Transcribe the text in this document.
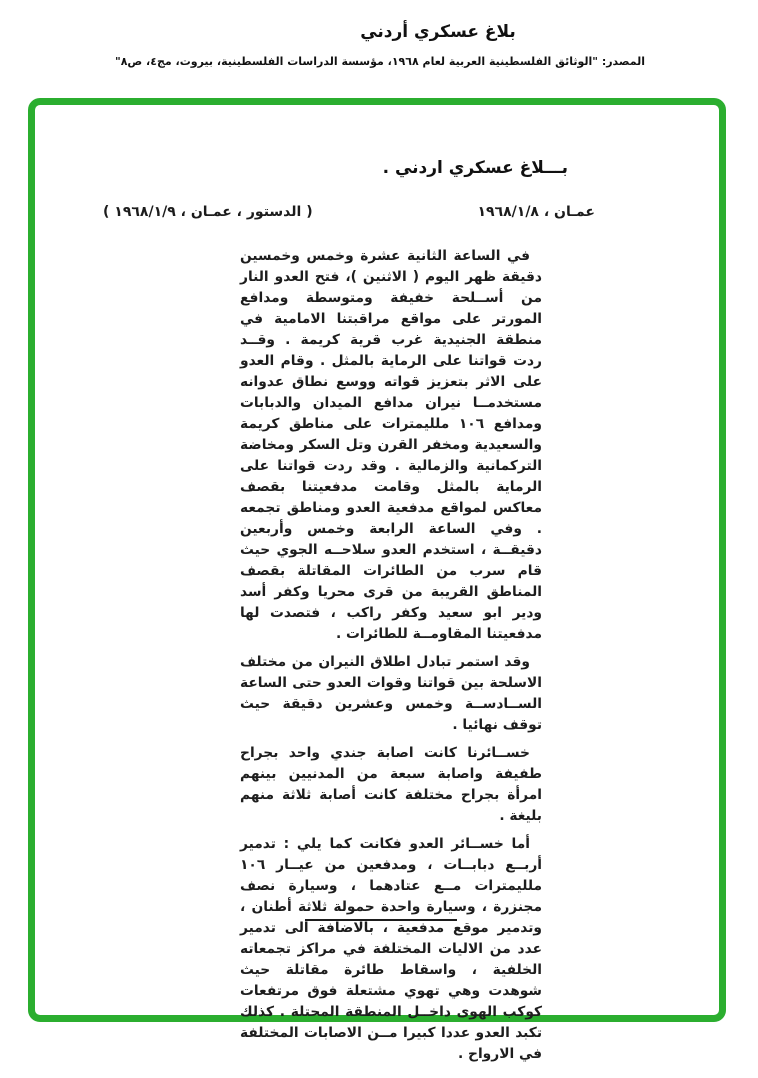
بلاغ عسكري أردني
المصدر: "الوثائق الفلسطينية العربية لعام ١٩٦٨، مؤسسة الدراسات الفلسطينية، بيروت، مج٤، ص٨"
بـــلاغ عسكري اردني .
عمـان ، ١٩٦٨/١/٨
( الدستور ، عمـان ، ١٩٦٨/١/٩ )

في الساعة الثانية عشرة وخمس وخمسين دقيقة ظهر اليوم ( الاثنين )، فتح العدو النار من أســلحة خفيفة ومتوسطة ومدافع المورتر على مواقع مراقبتنا الامامية في منطقة الجنيدية غرب قرية كريمة . وقــد ردت قواتنا على الرماية بالمثل . وقام العدو على الاثر بتعزيز قواته ووسع نطاق عدوانه مستخدمــا نيران مدافع الميدان والدبابات ومدافع ١٠٦ ملليمترات على مناطق كريمة والسعيدية ومخفر القرن وتل السكر ومخاضة التركمانية والزمالية . وقد ردت قواتنا على الرماية بالمثل وقامت مدفعيتنا بقصف معاكس لمواقع مدفعية العدو ومناطق تجمعه . وفي الساعة الرابعة وخمس وأربعين دقيقــة ، استخدم العدو سلاحــه الجوي حيث قام سرب من الطائرات المقاتلة بقصف المناطق القريبة من قرى محريا وكفر أسد ودير ابو سعيد وكفر راكب ، فتصدت لها مدفعيتنا المقاومــة للطائرات .

وقد استمر تبادل اطلاق النيران من مختلف الاسلحة بين قواتنا وقوات العدو حتى الساعة الســادســة وخمس وعشرين دقيقة حيث توقف نهائيا .

خســائرنا كانت اصابة جندي واحد بجراح طفيفة واصابة سبعة من المدنيين بينهم امرأة بجراح مختلفة كانت أصابة ثلاثة منهم بليغة .

أما خســائر العدو فكانت كما يلي : تدمير أربــع دبابــات ، ومدفعين من عيــار ١٠٦ ملليمترات مــع عتادهما ، وسيارة نصف مجنزرة ، وسيارة واحدة حمولة ثلاثة أطنان ، وتدمير موقع مدفعية ، بالاضافة الى تدمير عدد من الاليات المختلفة في مراكز تجمعاته الخلفية ، واسقاط طائرة مقاتلة حيث شوهدت وهي تهوي مشتعلة فوق مرتفعات كوكب الهوى داخــل المنطقة المحتلة . كذلك تكبد العدو عددا كبيرا مــن الاصابات المختلفة في الارواح .
